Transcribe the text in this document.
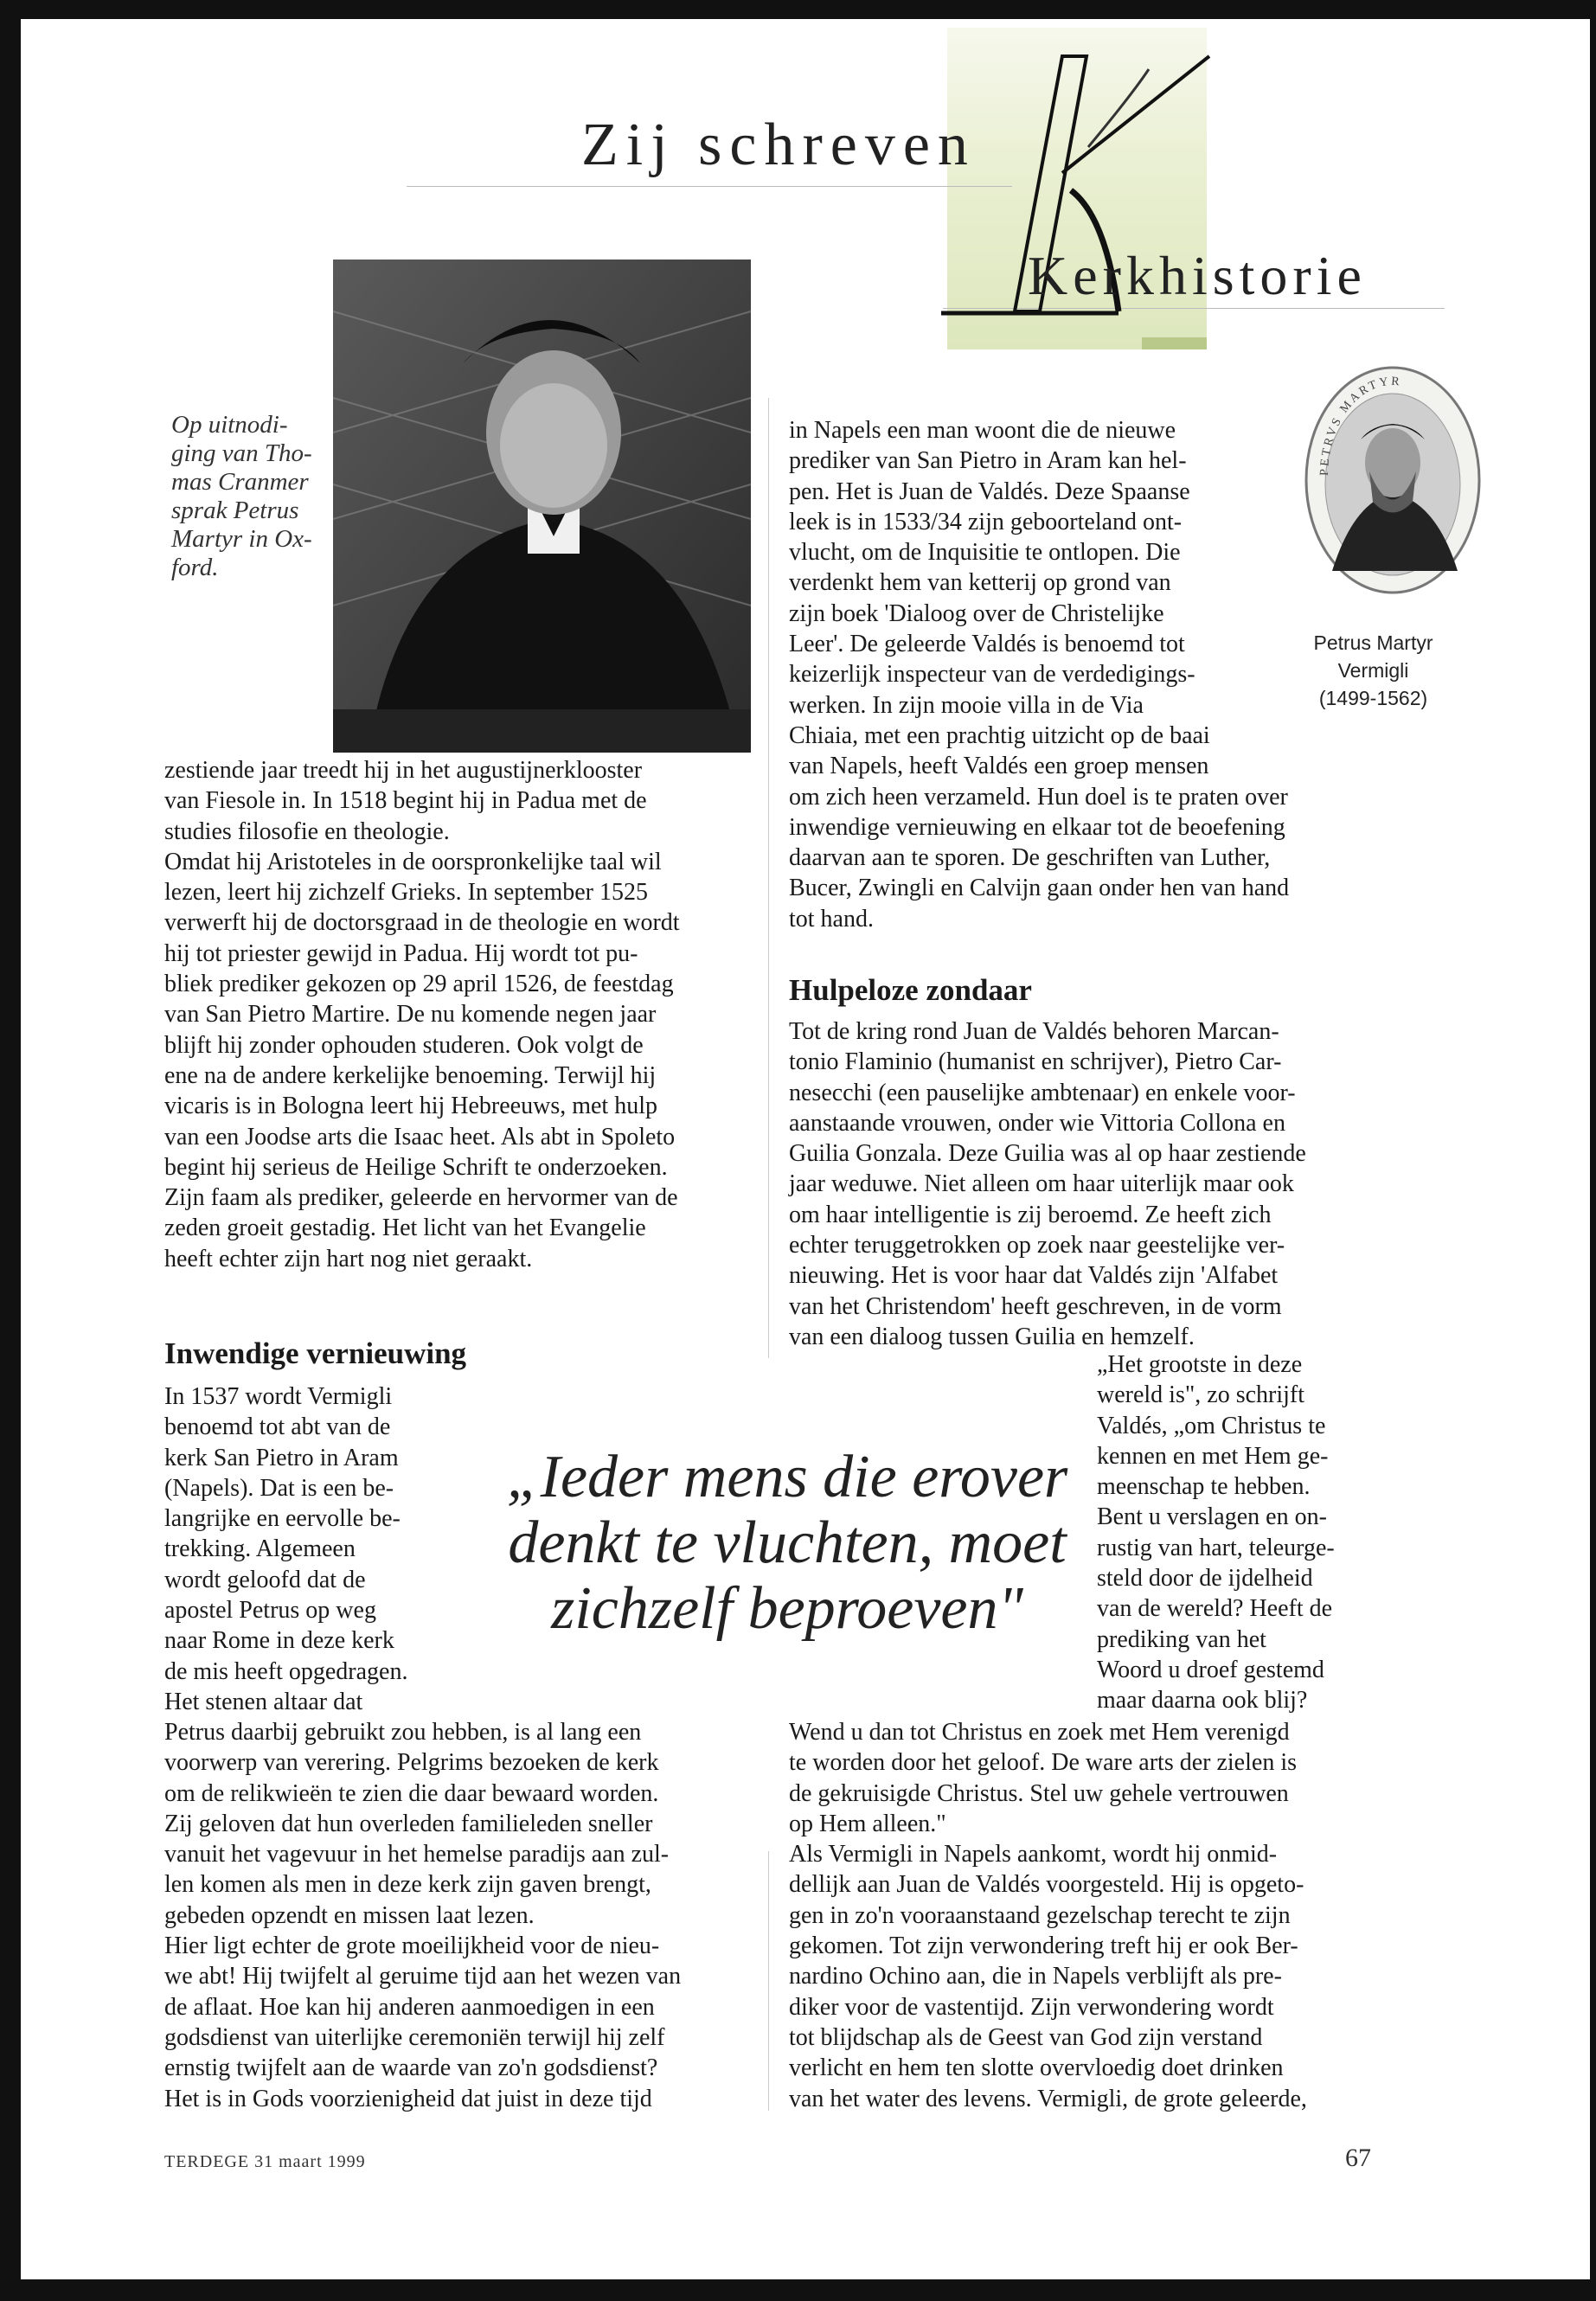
Zij schreven
Kerkhistorie
Op uitnodi-
ging van Tho-
mas Cranmer
sprak Petrus
Martyr in Ox-
ford.
PETRVS MARTYR
Petrus Martyr
Vermigli
(1499-1562)
zestiende jaar treedt hij in het augustijnerklooster
van Fiesole in. In 1518 begint hij in Padua met de
studies filosofie en theologie.
Omdat hij Aristoteles in de oorspronkelijke taal wil
lezen, leert hij zichzelf Grieks. In september 1525
verwerft hij de doctorsgraad in de theologie en wordt
hij tot priester gewijd in Padua. Hij wordt tot pu-
bliek prediker gekozen op 29 april 1526, de feestdag
van San Pietro Martire. De nu komende negen jaar
blijft hij zonder ophouden studeren. Ook volgt de
ene na de andere kerkelijke benoeming. Terwijl hij
vicaris is in Bologna leert hij Hebreeuws, met hulp
van een Joodse arts die Isaac heet. Als abt in Spoleto
begint hij serieus de Heilige Schrift te onderzoeken.
Zijn faam als prediker, geleerde en hervormer van de
zeden groeit gestadig. Het licht van het Evangelie
heeft echter zijn hart nog niet geraakt.
Inwendige vernieuwing
In 1537 wordt Vermigli
benoemd tot abt van de
kerk San Pietro in Aram
(Napels). Dat is een be-
langrijke en eervolle be-
trekking. Algemeen
wordt geloofd dat de
apostel Petrus op weg
naar Rome in deze kerk
de mis heeft opgedragen.
Het stenen altaar dat
Petrus daarbij gebruikt zou hebben, is al lang een
voorwerp van verering. Pelgrims bezoeken de kerk
om de relikwieën te zien die daar bewaard worden.
Zij geloven dat hun overleden familieleden sneller
vanuit het vagevuur in het hemelse paradijs aan zul-
len komen als men in deze kerk zijn gaven brengt,
gebeden opzendt en missen laat lezen.
Hier ligt echter de grote moeilijkheid voor de nieu-
we abt! Hij twijfelt al geruime tijd aan het wezen van
de aflaat. Hoe kan hij anderen aanmoedigen in een
godsdienst van uiterlijke ceremoniën terwijl hij zelf
ernstig twijfelt aan de waarde van zo'n godsdienst?
Het is in Gods voorzienigheid dat juist in deze tijd
in Napels een man woont die de nieuwe
prediker van San Pietro in Aram kan hel-
pen. Het is Juan de Valdés. Deze Spaanse
leek is in 1533/34 zijn geboorteland ont-
vlucht, om de Inquisitie te ontlopen. Die
verdenkt hem van ketterij op grond van
zijn boek 'Dialoog over de Christelijke
Leer'. De geleerde Valdés is benoemd tot
keizerlijk inspecteur van de verdedigings-
werken. In zijn mooie villa in de Via
Chiaia, met een prachtig uitzicht op de baai
van Napels, heeft Valdés een groep mensen
om zich heen verzameld. Hun doel is te praten over
inwendige vernieuwing en elkaar tot de beoefening
daarvan aan te sporen. De geschriften van Luther,
Bucer, Zwingli en Calvijn gaan onder hen van hand
tot hand.
Hulpeloze zondaar
Tot de kring rond Juan de Valdés behoren Marcan-
tonio Flaminio (humanist en schrijver), Pietro Car-
nesecchi (een pauselijke ambtenaar) en enkele voor-
aanstaande vrouwen, onder wie Vittoria Collona en
Guilia Gonzala. Deze Guilia was al op haar zestiende
jaar weduwe. Niet alleen om haar uiterlijk maar ook
om haar intelligentie is zij beroemd. Ze heeft zich
echter teruggetrokken op zoek naar geestelijke ver-
nieuwing. Het is voor haar dat Valdés zijn 'Alfabet
van het Christendom' heeft geschreven, in de vorm
van een dialoog tussen Guilia en hemzelf.
„Het grootste in deze
wereld is", zo schrijft
Valdés, „om Christus te
kennen en met Hem ge-
meenschap te hebben.
Bent u verslagen en on-
rustig van hart, teleurge-
steld door de ijdelheid
van de wereld? Heeft de
prediking van het
Woord u droef gestemd
maar daarna ook blij?
Wend u dan tot Christus en zoek met Hem verenigd
te worden door het geloof. De ware arts der zielen is
de gekruisigde Christus. Stel uw gehele vertrouwen
op Hem alleen."
Als Vermigli in Napels aankomt, wordt hij onmid-
dellijk aan Juan de Valdés voorgesteld. Hij is opgeto-
gen in zo'n vooraanstaand gezelschap terecht te zijn
gekomen. Tot zijn verwondering treft hij er ook Ber-
nardino Ochino aan, die in Napels verblijft als pre-
diker voor de vastentijd. Zijn verwondering wordt
tot blijdschap als de Geest van God zijn verstand
verlicht en hem ten slotte overvloedig doet drinken
van het water des levens. Vermigli, de grote geleerde,
„Ieder mens die erover
denkt te vluchten, moet
zichzelf beproeven"
TERDEGE 31 maart 1999	67
